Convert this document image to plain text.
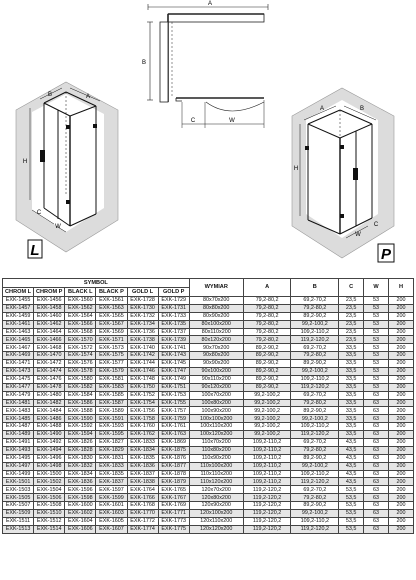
A
B
C	W
B	A
H
C
W
L
A	B
H
C
W
P
SYMBOL						WYMIAR	A	B	C	W	H
CHROM L	CHROM P	BLACK L	BLACK P	GOLD L	GOLD P						
EXK-1455	EXK-1456	EXK-1560	EXK-1561	EXK-1728	EXK-1729	80x70x200	79,2-80,2	69,2-70,2	23,5	53	200
EXK-1457	EXK-1458	EXK-1562	EXK-1563	EXK-1730	EXK-1731	80x80x200	79,2-80,2	79,2-80,2	23,5	53	200
EXK-1459	EXK-1460	EXK-1564	EXK-1565	EXK-1732	EXK-1733	80x90x200	79,2-80,2	89,2-90,2	23,5	53	200
EXK-1461	EXK-1462	EXK-1566	EXK-1567	EXK-1734	EXK-1735	80x100x200	79,2-80,2	99,2-100,2	23,5	53	200
EXK-1463	EXK-1464	EXK-1568	EXK-1569	EXK-1736	EXK-1737	80x110x200	79,2-80,2	109,2-110,2	23,5	53	200
EXK-1465	EXK-1466	EXK-1570	EXK-1571	EXK-1738	EXK-1739	80x120x200	79,2-80,2	119,2-120,2	23,5	53	200
EXK-1467	EXK-1468	EXK-1572	EXK-1573	EXK-1740	EXK-1741	90x70x200	89,2-90,2	69,2-70,2	33,5	53	200
EXK-1469	EXK-1470	EXK-1574	EXK-1575	EXK-1742	EXK-1743	90x80x200	89,2-90,2	79,2-80,2	33,5	53	200
EXK-1471	EXK-1472	EXK-1576	EXK-1577	EXK-1744	EXK-1745	90x90x200	89,2-90,2	89,2-90,2	33,5	53	200
EXK-1473	EXK-1474	EXK-1578	EXK-1579	EXK-1746	EXK-1747	90x100x200	89,2-90,2	99,2-100,2	33,5	53	200
EXK-1475	EXK-1476	EXK-1580	EXK-1581	EXK-1748	EXK-1749	90x110x200	89,2-90,2	109,2-110,2	33,5	53	200
EXK-1477	EXK-1478	EXK-1582	EXK-1583	EXK-1750	EXK-1751	90x120x200	89,2-90,2	119,2-120,2	33,5	53	200
EXK-1479	EXK-1480	EXK-1584	EXK-1585	EXK-1752	EXK-1753	100x70x200	99,2-100,2	69,2-70,2	33,5	63	200
EXK-1481	EXK-1482	EXK-1586	EXK-1587	EXK-1754	EXK-1755	100x80x200	99,2-100,2	79,2-80,2	33,5	63	200
EXK-1483	EXK-1484	EXK-1588	EXK-1589	EXK-1756	EXK-1757	100x90x200	99,2-100,2	89,2-90,2	33,5	63	200
EXK-1485	EXK-1486	EXK-1590	EXK-1591	EXK-1758	EXK-1759	100x100x200	99,2-100,2	99,2-100,2	33,5	63	200
EXK-1487	EXK-1488	EXK-1592	EXK-1593	EXK-1760	EXK-1761	100x110x200	99,2-100,2	109,2-110,2	33,5	63	200
EXK-1489	EXK-1490	EXK-1594	EXK-1595	EXK-1762	EXK-1763	100x120x200	99,2-100,2	119,2-120,2	33,5	63	200
EXK-1491	EXK-1492	EXK-1826	EXK-1827	EXK-1833	EXK-1869	110x70x200	109,2-110,2	69,2-70,2	43,5	63	200
EXK-1493	EXK-1494	EXK-1828	EXK-1829	EXK-1834	EXK-1875	110x80x200	109,2-110,2	79,2-80,2	43,5	63	200
EXK-1495	EXK-1496	EXK-1830	EXK-1831	EXK-1835	EXK-1876	110x90x200	109,2-110,2	89,2-90,2	43,5	63	200
EXK-1497	EXK-1498	EXK-1832	EXK-1833	EXK-1836	EXK-1877	110x100x200	109,2-110,2	99,2-100,2	43,5	63	200
EXK-1499	EXK-1500	EXK-1834	EXK-1835	EXK-1837	EXK-1878	110x110x200	109,2-110,2	109,2-110,2	43,5	63	200
EXK-1501	EXK-1502	EXK-1836	EXK-1837	EXK-1838	EXK-1879	110x120x200	109,2-110,2	119,2-120,2	43,5	63	200
EXK-1503	EXK-1504	EXK-1596	EXK-1597	EXK-1764	EXK-1765	120x70x200	119,2-120,2	69,2-70,2	53,5	63	200
EXK-1505	EXK-1506	EXK-1598	EXK-1599	EXK-1766	EXK-1767	120x80x200	119,2-120,2	79,2-80,2	53,5	63	200
EXK-1507	EXK-1508	EXK-1600	EXK-1601	EXK-1768	EXK-1769	120x90x200	119,2-120,2	89,2-90,2	53,5	63	200
EXK-1509	EXK-1510	EXK-1602	EXK-1603	EXK-1770	EXK-1771	120x100x200	119,2-120,2	99,2-100,2	53,5	63	200
EXK-1511	EXK-1512	EXK-1604	EXK-1605	EXK-1772	EXK-1773	120x110x200	119,2-120,2	109,2-110,2	53,5	63	200
EXK-1513	EXK-1514	EXK-1606	EXK-1607	EXK-1774	EXK-1775	120x120x200	119,2-120,2	119,2-120,2	53,5	63	200
